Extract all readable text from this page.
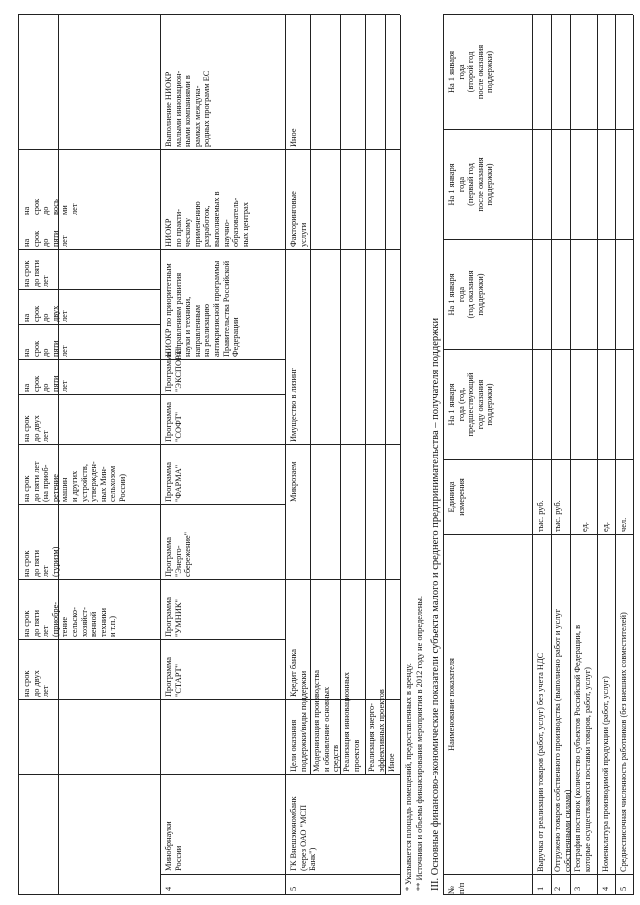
на срок
до двух
лет
на срок
до пяти
лет
(приобре-
тение
сельско-
хозяйст-
венной
техники
и т.п.)
на срок
до пяти
лет
(туризм)
на срок
до пяти лет
(на приоб-
ретение
машин
и других
устройств,
утвержден-
ных Мин-
сельхозом
России)
на срок
до двух
лет
на
срок
до
пяти
лет
на
срок
до
пяти
лет
на
срок
до
двух
лет
на срок
до пяти
лет
на
срок
до
пяти
лет
на
срок
до
вось
ми
лет
4
Минобрнауки
России
Программа
"СТАРТ"
Программа
"УМНИК"
Программа
"Энерго-
сбережение"
Программа
"ФАРМА"
Программа
"СОФТ"
Программа
"ЭКСПОРТ"
НИОКР по приоритетным
направлениям развития
науки и техники,
направленным
на реализацию
антикризисной программы
Правительства Российской
Федерации
НИОКР
по практи-
ческому
применению
разработок,
выполняемых в
научно-
образователь-
ных центрах
Выполнение НИОКР
малыми инновацион-
ными компаниями в
рамках междуна-
родных программ ЕС
5
ГК Внешэкономбанк
(через ОАО "МСП
Банк")
Цели оказания
поддержки/виды поддержки
Модернизация производства
и обновление основных
средств Реализация инновационных
проектов Реализация энерго-
эффективных проектов
Иное
Кредит банка
Микрозаем
Имущество в лизинг
Факторинговые
услуги
Иное
* Указывается площадь помещений, предоставленных в аренду. ** Источники и объемы финансирования мероприятия в 2012 году не определены. III. Основные финансово-экономические показатели субъекта малого и среднего предпринимательства – получателя поддержки №
п/п
Наименование показателя
Единица
измерения
На 1 января
года (год,
предшествующий
году оказания
поддержки)
На 1 января
года
(год оказания
поддержки)
На 1 января
года
(первый год
после оказания
поддержки)
На 1 января
года
(второй год
после оказания
поддержки)
1
Выручка от реализации товаров (работ, услуг) без учета НДС
тыс. руб.
2
Отгружено товаров собственного производства (выполнено работ и услуг
собственными силами)
тыс. руб.
3
География поставок (количество субъектов Российской Федерации, в
которые осуществляются поставки товаров, работ, услуг)
ед.
4
Номенклатура производимой продукции (работ, услуг)
ед.
5
Среднесписочная численность работников (без внешних совместителей)
чел.
